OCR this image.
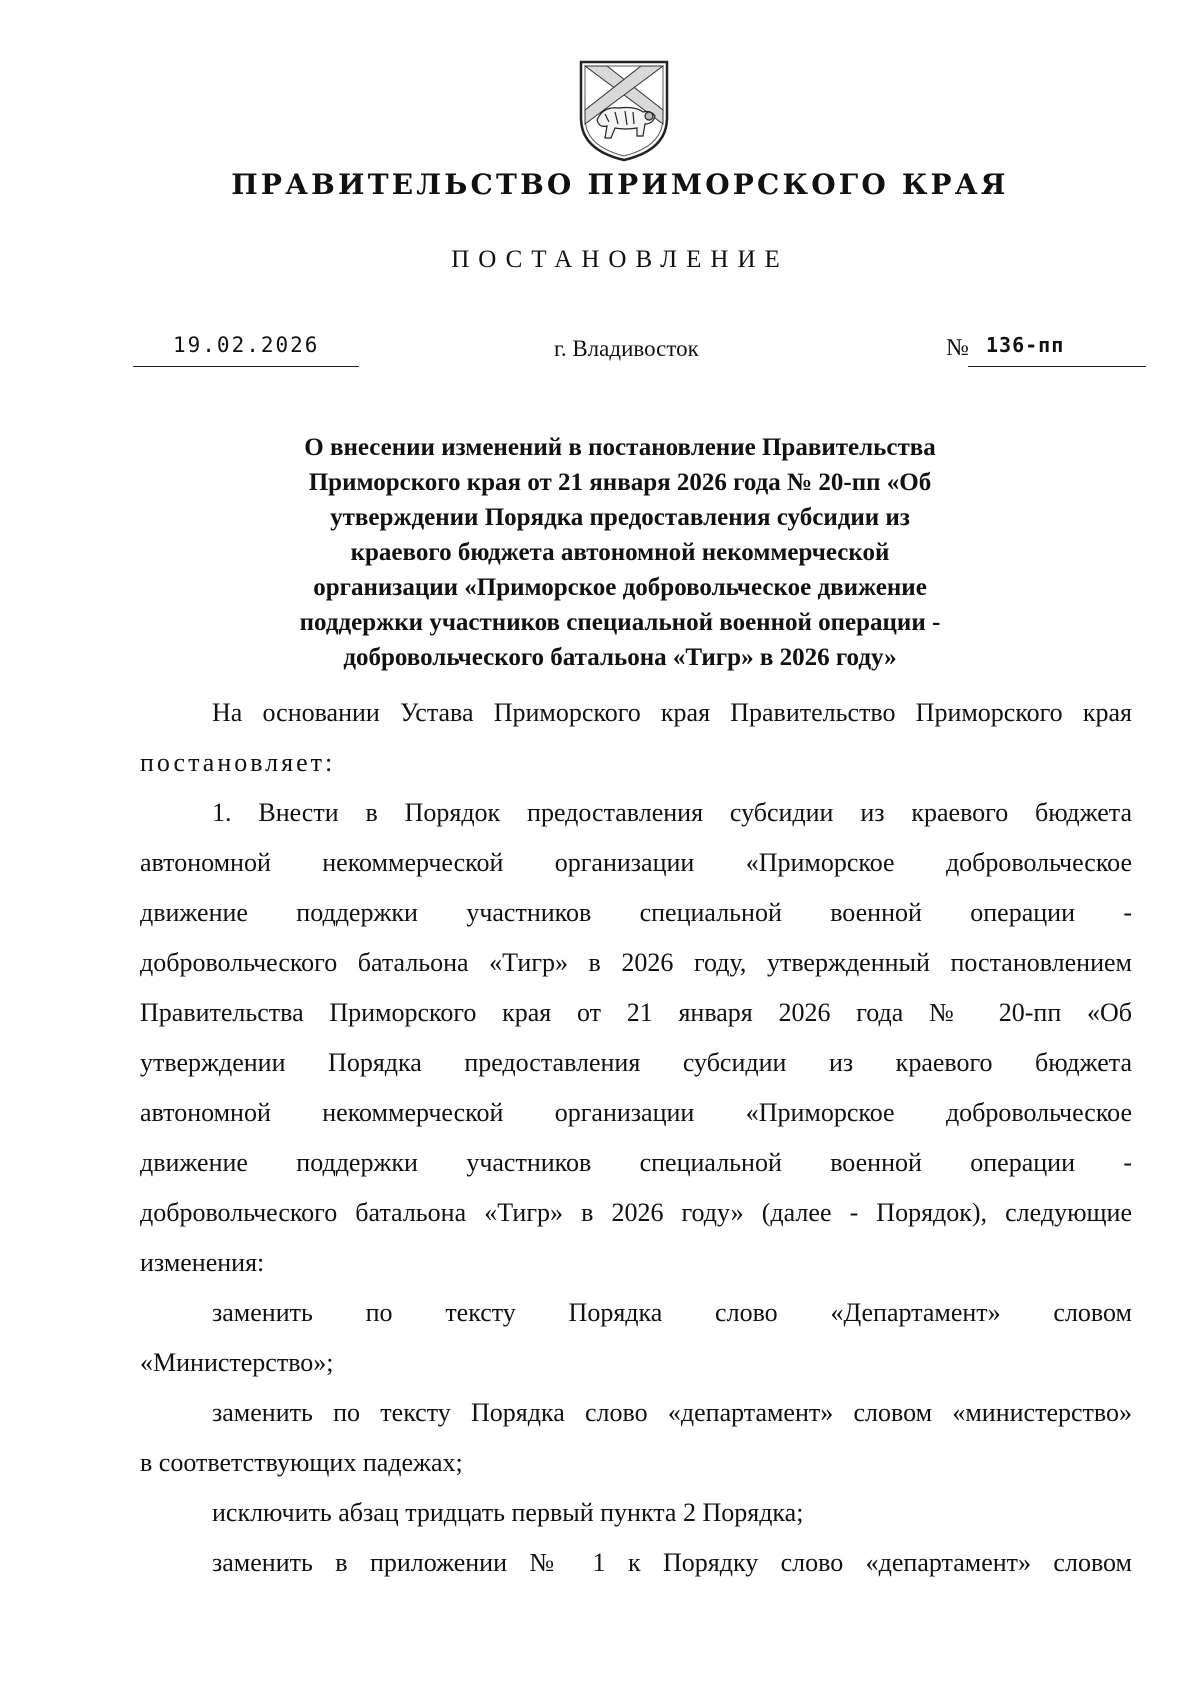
ПРАВИТЕЛЬСТВО ПРИМОРСКОГО КРАЯ
ПОСТАНОВЛЕНИЕ
19.02.2026	г. Владивосток	№ 136-пп
О внесении изменений в постановление Правительства
Приморского края от 21 января 2026 года № 20-пп «Об
утверждении Порядка предоставления субсидии из
краевого бюджета автономной некоммерческой
организации «Приморское добровольческое движение
поддержки участников специальной военной операции -
добровольческого батальона «Тигр» в 2026 году»
На основании Устава Приморского края Правительство Приморского края
постановляет:
1. Внести в Порядок предоставления субсидии из краевого бюджета
автономной некоммерческой организации «Приморское добровольческое
движение поддержки участников специальной военной операции -
добровольческого батальона «Тигр» в 2026 году, утвержденный постановлением
Правительства Приморского края от 21 января 2026 года № 20-пп «Об
утверждении Порядка предоставления субсидии из краевого бюджета
автономной некоммерческой организации «Приморское добровольческое
движение поддержки участников специальной военной операции -
добровольческого батальона «Тигр» в 2026 году» (далее - Порядок), следующие
изменения:
заменить по тексту Порядка слово «Департамент» словом
«Министерство»;
заменить по тексту Порядка слово «департамент» словом «министерство»
в соответствующих падежах;
исключить абзац тридцать первый пункта 2 Порядка;
заменить в приложении № 1 к Порядку слово «департамент» словом
